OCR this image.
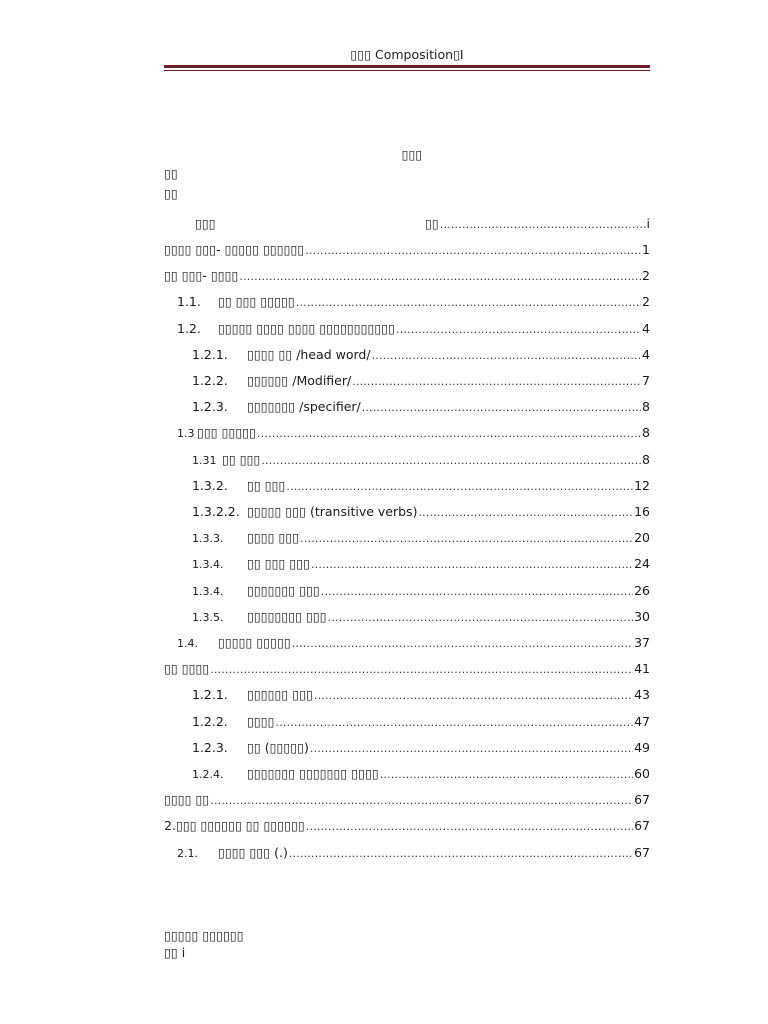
▯▯▯ Composition▯I
▯▯▯
▯▯
▯▯
▯▯▯	▯▯ .....	i
▯▯▯▯ ▯▯▯- ▯▯▯▯▯ ▯▯▯▯▯▯ .....	1
▯▯ ▯▯▯- ▯▯▯▯ .....	2
1.1.	▯▯ ▯▯▯ ▯▯▯▯▯ .....	2
1.2.	▯▯▯▯▯ ▯▯▯▯ ▯▯▯▯ ▯▯▯▯▯▯▯▯▯▯▯ .....	4
1.2.1.	▯▯▯▯ ▯▯ /head word/ .....	4
1.2.2.	▯▯▯▯▯▯ /Modifier/ .....	7
1.2.3.	▯▯▯▯▯▯▯ /specifier/ .....	8
1.3 ▯▯▯ ▯▯▯▯▯ .....	8
1.31 ▯▯ ▯▯▯ .....	8
1.3.2.	▯▯ ▯▯▯ .....	12
1.3.2.2. ▯▯▯▯▯ ▯▯▯ (transitive verbs) .....	16
1.3.3.	▯▯▯▯ ▯▯▯ .....	20
1.3.4.	▯▯ ▯▯▯ ▯▯▯ .....	24
1.3.4.	▯▯▯▯▯▯▯ ▯▯▯ .....	26
1.3.5.	▯▯▯▯▯▯▯▯ ▯▯▯ .....	30
1.4.	▯▯▯▯▯ ▯▯▯▯▯ .....	37
▯▯ ▯▯▯▯ .....	41
1.2.1.	▯▯▯▯▯▯ ▯▯▯ .....	43
1.2.2.	▯▯▯▯ .....	47
1.2.3.	▯▯ (▯▯▯▯▯) .....	49
1.2.4.	▯▯▯▯▯▯▯ ▯▯▯▯▯▯▯ ▯▯▯▯ .....	60
▯▯▯▯ ▯▯ .....	67
2. ▯▯▯ ▯▯▯▯▯▯ ▯▯ ▯▯▯▯▯▯ .....	67
2.1.	▯▯▯▯ ▯▯▯ (.) .....	67
▯▯▯▯▯ ▯▯▯▯▯▯
▯▯ i
